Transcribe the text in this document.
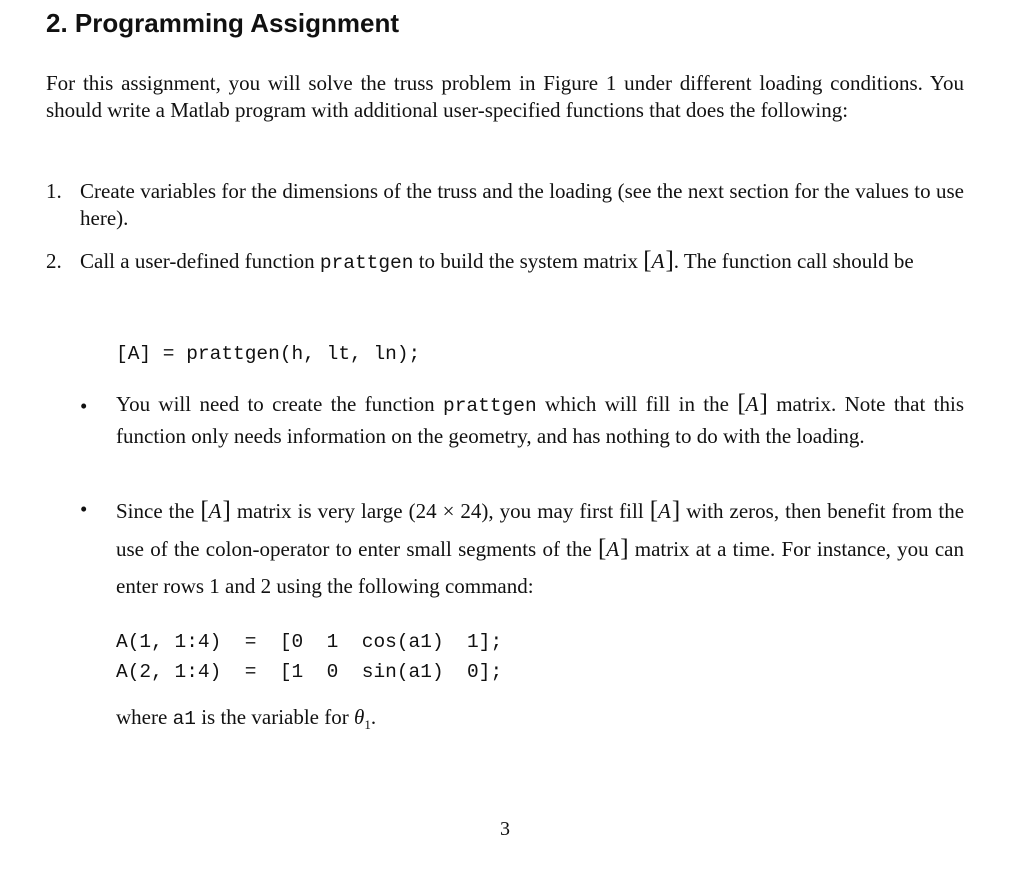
2. Programming Assignment
For this assignment, you will solve the truss problem in Figure 1 under different loading conditions. You should write a Matlab program with additional user-specified functions that does the following:
1. Create variables for the dimensions of the truss and the loading (see the next section for the values to use here).
2. Call a user-defined function prattgen to build the system matrix [A]. The function call should be
[A] = prattgen(h, lt, ln);
• You will need to create the function prattgen which will fill in the [A] matrix. Note that this function only needs information on the geometry, and has nothing to do with the loading.
• Since the [A] matrix is very large (24 × 24), you may first fill [A] with zeros, then benefit from the use of the colon-operator to enter small segments of the [A] matrix at a time. For instance, you can enter rows 1 and 2 using the following command:
A(1, 1:4)  =  [0  1  cos(a1)  1];
A(2, 1:4)  =  [1  0  sin(a1)  0];
where a1 is the variable for $\theta_1$.
3
